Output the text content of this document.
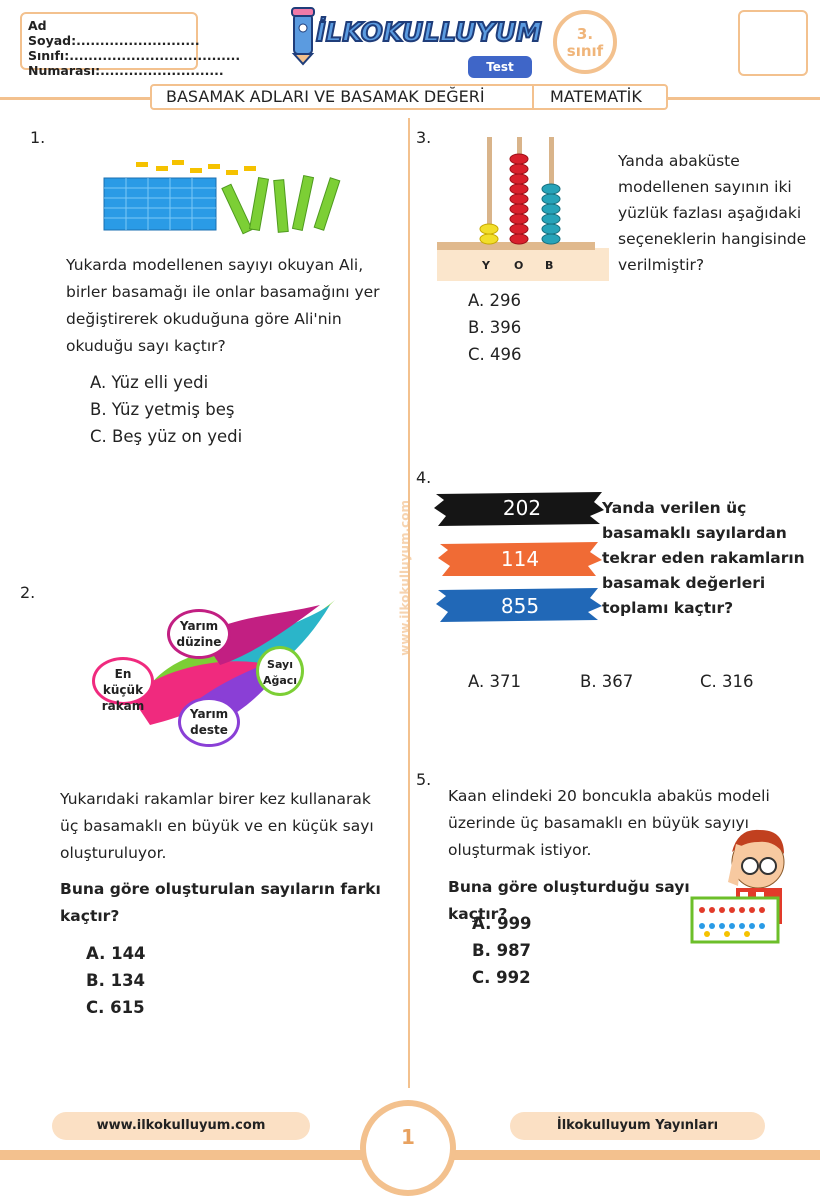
Ad Soyad:..........................
Sınıfı:....................................
Numarası:..........................
İLKOKULLUYUM
Test
3.
sınıf
BASAMAK ADLARI VE BASAMAK DEĞERİ	MATEMATİK
www.ilkokulluyum.com
1.
Yukarda modellenen sayıyı okuyan Ali,
birler basamağı ile onlar basamağını yer
değiştirerek okuduğuna göre Ali'nin
okuduğu sayı kaçtır?
A. Yüz elli yedi
B. Yüz yetmiş beş
C. Beş yüz on yedi
2.
Yarım düzine
Sayı Ağacı
En küçük rakam
Yarım deste
Yukarıdaki rakamlar birer kez kullanarak
üç basamaklı en büyük ve en küçük sayı
oluşturuluyor.
Buna göre oluşturulan sayıların farkı
kaçtır?
A. 144
B. 134
C. 615
3.
Y O B
Yanda abaküste
modellenen sayının iki
yüzlük fazlası aşağıdaki
seçeneklerin hangisinde
verilmiştir?
A. 296
B. 396
C. 496
4.
202
114
855
Yanda verilen üç
basamaklı sayılardan
tekrar eden rakamların
basamak değerleri
toplamı kaçtır?
A. 371	B. 367	C. 316
5.
Kaan elindeki 20 boncukla abaküs modeli
üzerinde üç basamaklı en büyük sayıyı
oluşturmak istiyor.
Buna göre oluşturduğu sayı kaçtır?
A. 999
B. 987
C. 992
www.ilkokulluyum.com	İlkokulluyum Yayınları
1
